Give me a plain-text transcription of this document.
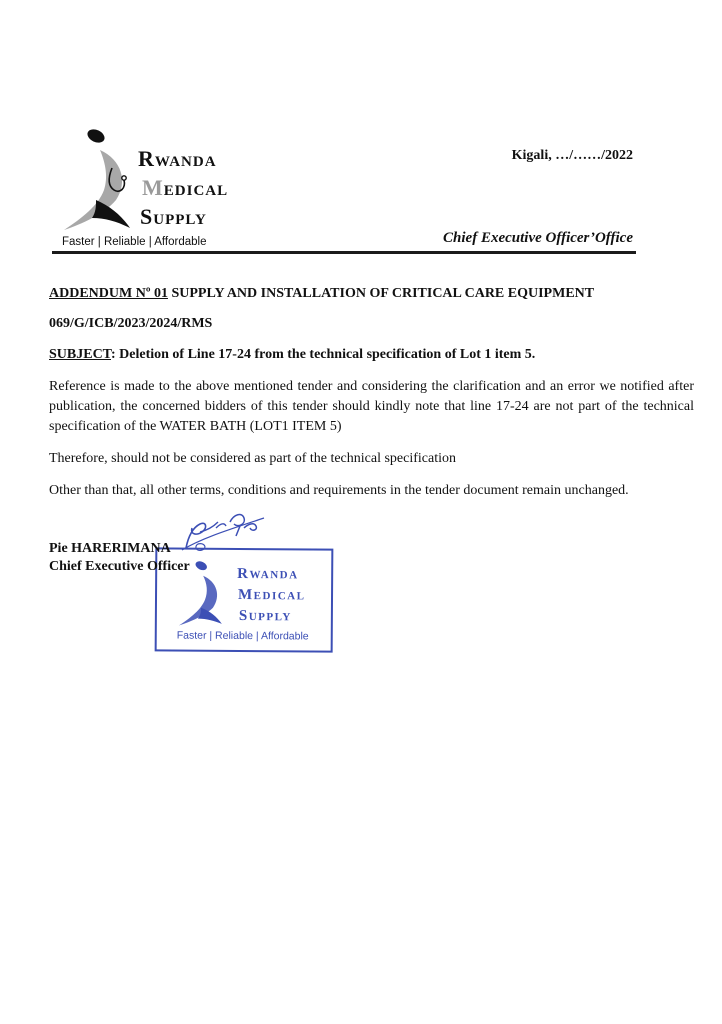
RWANDA
MEDICAL
SUPPLY
Faster | Reliable | Affordable
Kigali, …/……/2022
Chief Executive Officer’Office
ADDENDUM Nº 01 SUPPLY AND INSTALLATION OF CRITICAL CARE EQUIPMENT
069/G/ICB/2023/2024/RMS
SUBJECT: Deletion of Line 17-24 from the technical specification of Lot 1 item 5.
Reference is made to the above mentioned tender and considering the clarification and an error we notified after publication, the concerned bidders of this tender should kindly note that line 17-24 are not part of the technical specification of the WATER BATH (LOT1 ITEM 5)
Therefore, should not be considered as part of the technical specification
Other than that, all other terms, conditions and requirements in the tender document remain unchanged.
RWANDA
MEDICAL
SUPPLY
Faster | Reliable | Affordable
Pie HARERIMANA
Chief Executive Officer
